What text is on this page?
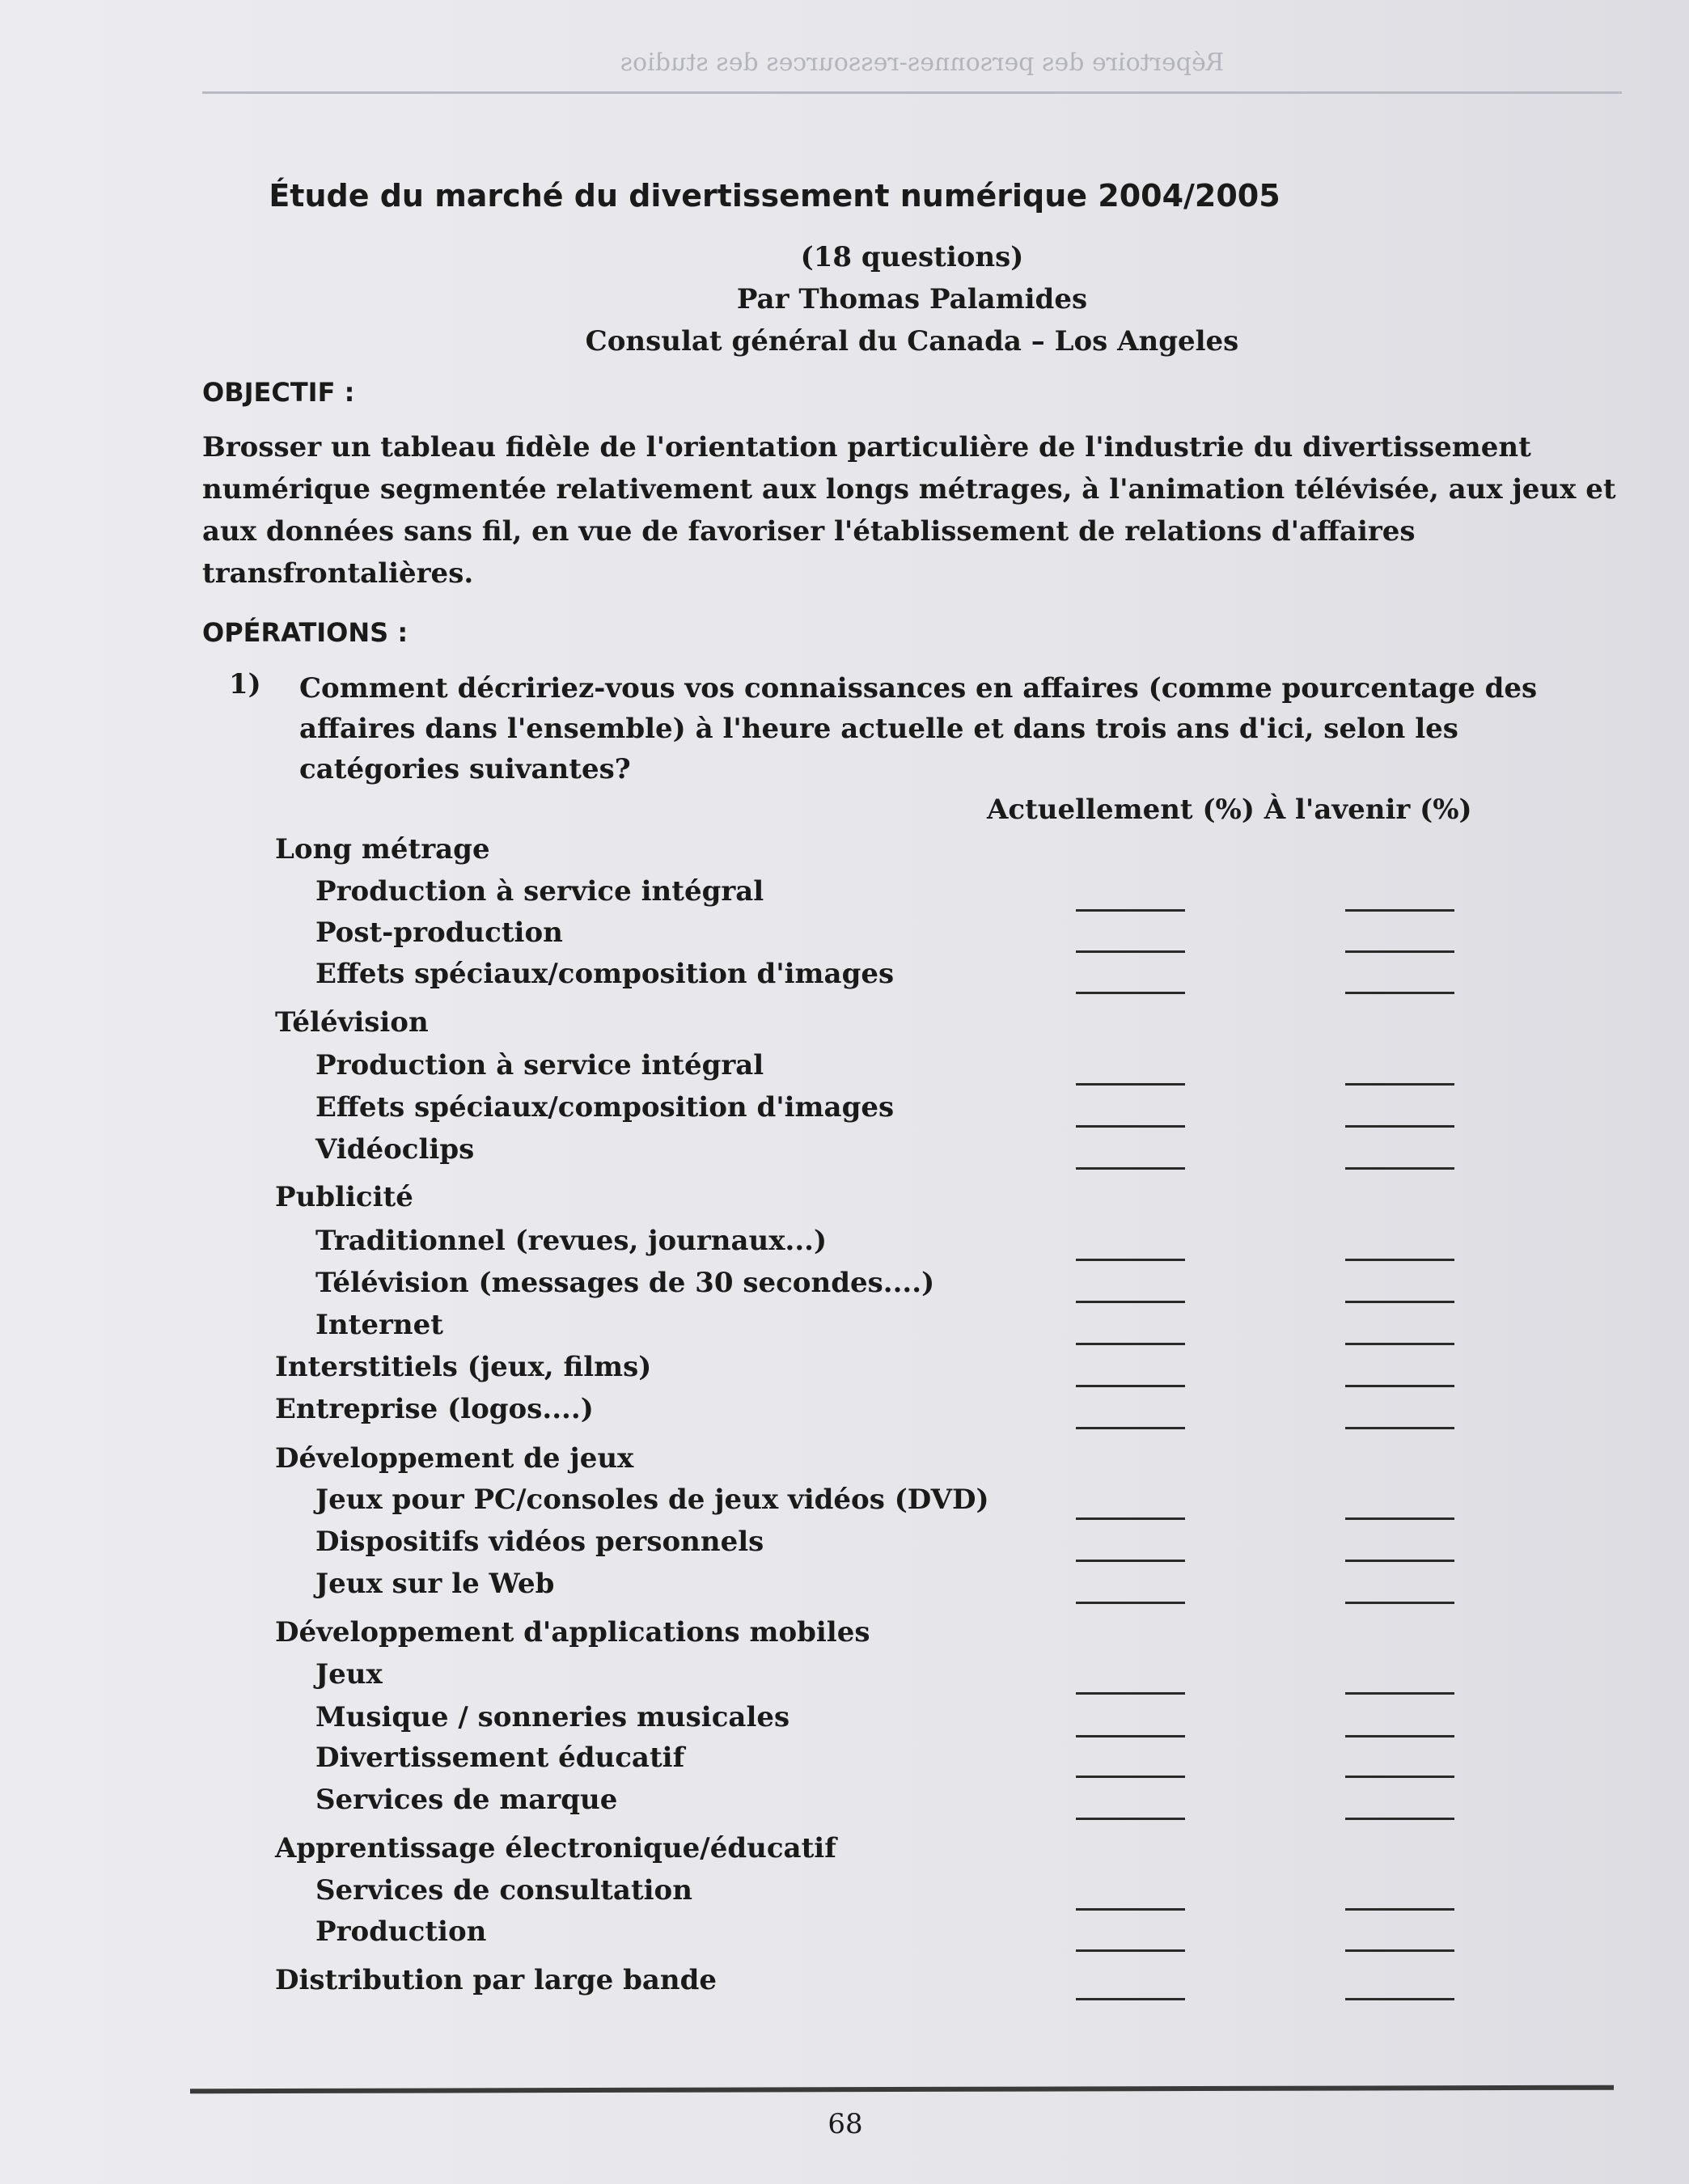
Répertoire des personnes-ressources des studios
Étude du marché du divertissement numérique 2004/2005
(18 questions)
Par Thomas Palamides
Consulat général du Canada – Los Angeles
OBJECTIF :
Brosser un tableau fidèle de l'orientation particulière de l'industrie du divertissement numérique segmentée relativement aux longs métrages, à l'animation télévisée, aux jeux et aux données sans fil, en vue de favoriser l'établissement de relations d'affaires transfrontalières.
OPÉRATIONS :
1) Comment décririez-vous vos connaissances en affaires (comme pourcentage des affaires dans l'ensemble) à l'heure actuelle et dans trois ans d'ici, selon les catégories suivantes?
Actuellement (%) À l'avenir (%)
Long métrage
Production à service intégral
Post-production
Effets spéciaux/composition d'images
Télévision
Production à service intégral
Effets spéciaux/composition d'images
Vidéoclips
Publicité
Traditionnel (revues, journaux...)
Télévision (messages de 30 secondes....)
Internet
Interstitiels (jeux, films)
Entreprise (logos....)
Développement de jeux
Jeux pour PC/consoles de jeux vidéos (DVD)
Dispositifs vidéos personnels
Jeux sur le Web
Développement d'applications mobiles
Jeux
Musique / sonneries musicales
Divertissement éducatif
Services de marque
Apprentissage électronique/éducatif
Services de consultation
Production
Distribution par large bande
68
